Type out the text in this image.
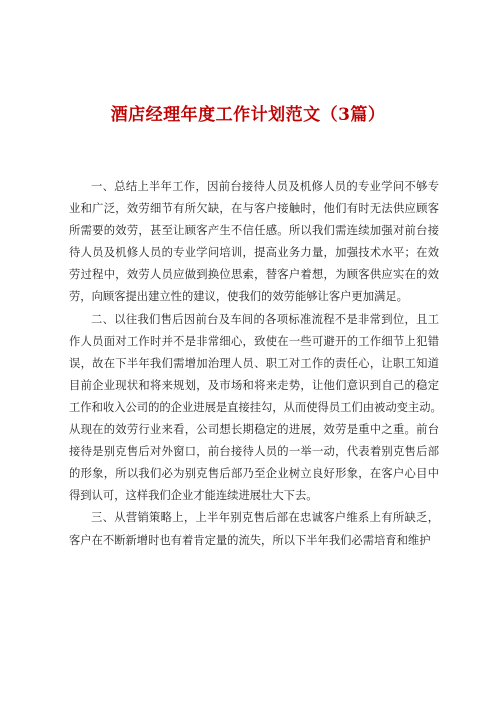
酒店经理年度工作计划范文（3篇）
一、总结上半年工作，因前台接待人员及机修人员的专业学问不够专
业和广泛，效劳细节有所欠缺，在与客户接触时，他们有时无法供应顾客
所需要的效劳，甚至让顾客产生不信任感。所以我们需连续加强对前台接
待人员及机修人员的专业学问培训，提高业务力量，加强技术水平；在效
劳过程中，效劳人员应做到换位思索，替客户着想，为顾客供应实在的效
劳，向顾客提出建立性的建议，使我们的效劳能够让客户更加满足。
二、以往我们售后因前台及车间的各项标准流程不是非常到位，且工
作人员面对工作时并不是非常细心，致使在一些可避开的工作细节上犯错
误，故在下半年我们需增加治理人员、职工对工作的责任心，让职工知道
目前企业现状和将来规划，及市场和将来走势，让他们意识到自己的稳定
工作和收入公司的的企业进展是直接挂勾，从而使得员工们由被动变主动。
从现在的效劳行业来看，公司想长期稳定的进展，效劳是重中之重。前台
接待是别克售后对外窗口，前台接待人员的一举一动，代表着别克售后部
的形象，所以我们必为别克售后部乃至企业树立良好形象，在客户心目中
得到认可，这样我们企业才能连续进展壮大下去。
三、从营销策略上，上半年别克售后部在忠诚客户维系上有所缺乏，
客户在不断新增时也有着肯定量的流失，所以下半年我们必需培育和维护
